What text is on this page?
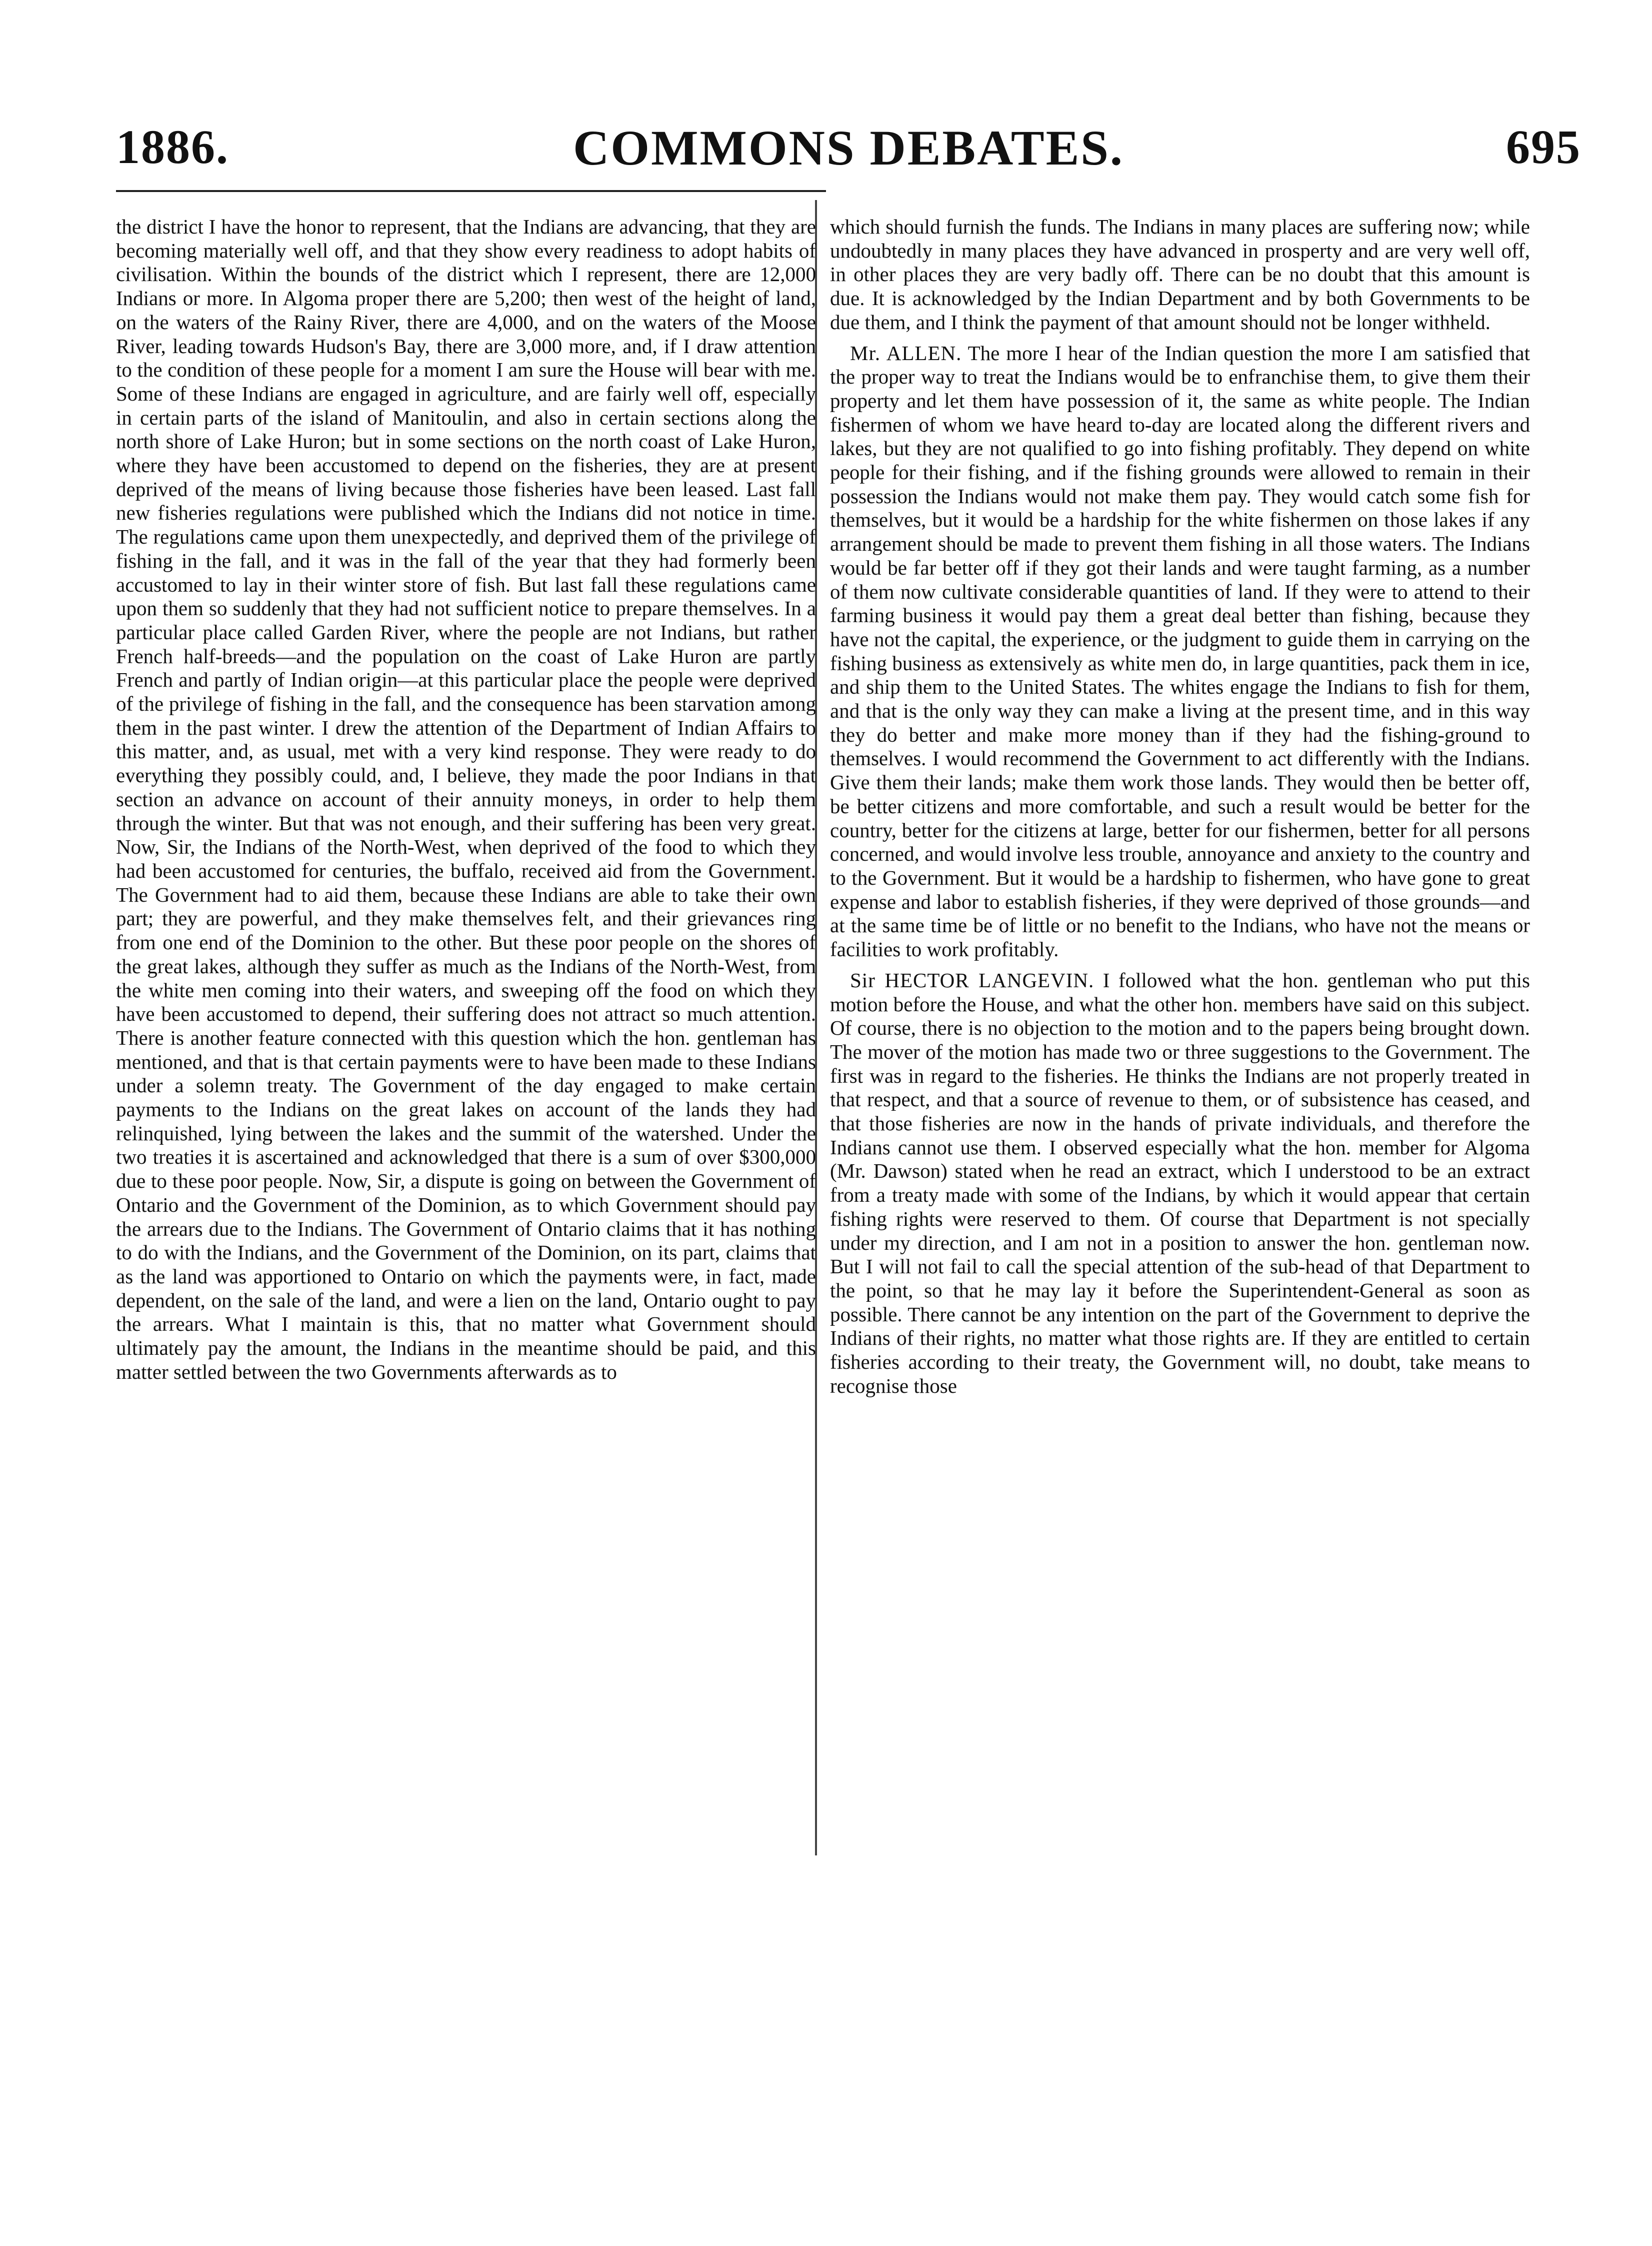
1886.	COMMONS DEBATES.	695

the district I have the honor to represent, that the Indians are advancing, that they are becoming materially well off, and that they show every readiness to adopt habits of civilisation. Within the bounds of the district which I represent, there are 12,000 Indians or more. In Algoma proper there are 5,200; then west of the height of land, on the waters of the Rainy River, there are 4,000, and on the waters of the Moose River, leading towards Hudson's Bay, there are 3,000 more, and, if I draw attention to the condition of these people for a moment I am sure the House will bear with me. Some of these Indians are engaged in agriculture, and are fairly well off, especially in certain parts of the island of Manitoulin, and also in certain sections along the north shore of Lake Huron; but in some sections on the north coast of Lake Huron, where they have been accustomed to depend on the fisheries, they are at present deprived of the means of living because those fisheries have been leased. Last fall new fisheries regulations were published which the Indians did not notice in time. The regulations came upon them unexpectedly, and deprived them of the privilege of fishing in the fall, and it was in the fall of the year that they had formerly been accustomed to lay in their winter store of fish. But last fall these regulations came upon them so suddenly that they had not sufficient notice to prepare themselves. In a particular place called Garden River, where the people are not Indians, but rather French half-breeds—and the population on the coast of Lake Huron are partly French and partly of Indian origin—at this particular place the people were deprived of the privilege of fishing in the fall, and the consequence has been starvation among them in the past winter. I drew the attention of the Department of Indian Affairs to this matter, and, as usual, met with a very kind response. They were ready to do everything they possibly could, and, I believe, they made the poor Indians in that section an advance on account of their annuity moneys, in order to help them through the winter. But that was not enough, and their suffering has been very great. Now, Sir, the Indians of the North-West, when deprived of the food to which they had been accustomed for centuries, the buffalo, received aid from the Government. The Government had to aid them, because these Indians are able to take their own part; they are powerful, and they make themselves felt, and their grievances ring from one end of the Dominion to the other. But these poor people on the shores of the great lakes, although they suffer as much as the Indians of the North-West, from the white men coming into their waters, and sweeping off the food on which they have been accustomed to depend, their suffering does not attract so much attention. There is another feature connected with this question which the hon. gentleman has mentioned, and that is that certain payments were to have been made to these Indians under a solemn treaty. The Government of the day engaged to make certain payments to the Indians on the great lakes on account of the lands they had relinquished, lying between the lakes and the summit of the watershed. Under the two treaties it is ascertained and acknowledged that there is a sum of over $300,000 due to these poor people. Now, Sir, a dispute is going on between the Government of Ontario and the Government of the Dominion, as to which Government should pay the arrears due to the Indians. The Government of Ontario claims that it has nothing to do with the Indians, and the Government of the Dominion, on its part, claims that as the land was apportioned to Ontario on which the payments were, in fact, made dependent, on the sale of the land, and were a lien on the land, Ontario ought to pay the arrears. What I maintain is this, that no matter what Government should ultimately pay the amount, the Indians in the meantime should be paid, and this matter settled between the two Governments afterwards as to

which should furnish the funds. The Indians in many places are suffering now; while undoubtedly in many places they have advanced in prosperty and are very well off, in other places they are very badly off. There can be no doubt that this amount is due. It is acknowledged by the Indian Department and by both Governments to be due them, and I think the payment of that amount should not be longer withheld.

Mr. ALLEN. The more I hear of the Indian question the more I am satisfied that the proper way to treat the Indians would be to enfranchise them, to give them their property and let them have possession of it, the same as white people. The Indian fishermen of whom we have heard to-day are located along the different rivers and lakes, but they are not qualified to go into fishing profitably. They depend on white people for their fishing, and if the fishing grounds were allowed to remain in their possession the Indians would not make them pay. They would catch some fish for themselves, but it would be a hardship for the white fishermen on those lakes if any arrangement should be made to prevent them fishing in all those waters. The Indians would be far better off if they got their lands and were taught farming, as a number of them now cultivate considerable quantities of land. If they were to attend to their farming business it would pay them a great deal better than fishing, because they have not the capital, the experience, or the judgment to guide them in carrying on the fishing business as extensively as white men do, in large quantities, pack them in ice, and ship them to the United States. The whites engage the Indians to fish for them, and that is the only way they can make a living at the present time, and in this way they do better and make more money than if they had the fishing-ground to themselves. I would recommend the Government to act differently with the Indians. Give them their lands; make them work those lands. They would then be better off, be better citizens and more comfortable, and such a result would be better for the country, better for the citizens at large, better for our fishermen, better for all persons concerned, and would involve less trouble, annoyance and anxiety to the country and to the Government. But it would be a hardship to fishermen, who have gone to great expense and labor to establish fisheries, if they were deprived of those grounds—and at the same time be of little or no benefit to the Indians, who have not the means or facilities to work profitably.

Sir HECTOR LANGEVIN. I followed what the hon. gentleman who put this motion before the House, and what the other hon. members have said on this subject. Of course, there is no objection to the motion and to the papers being brought down. The mover of the motion has made two or three suggestions to the Government. The first was in regard to the fisheries. He thinks the Indians are not properly treated in that respect, and that a source of revenue to them, or of subsistence has ceased, and that those fisheries are now in the hands of private individuals, and therefore the Indians cannot use them. I observed especially what the hon. member for Algoma (Mr. Dawson) stated when he read an extract, which I understood to be an extract from a treaty made with some of the Indians, by which it would appear that certain fishing rights were reserved to them. Of course that Department is not specially under my direction, and I am not in a position to answer the hon. gentleman now. But I will not fail to call the special attention of the sub-head of that Department to the point, so that he may lay it before the Superintendent-General as soon as possible. There cannot be any intention on the part of the Government to deprive the Indians of their rights, no matter what those rights are. If they are entitled to certain fisheries according to their treaty, the Government will, no doubt, take means to recognise those
